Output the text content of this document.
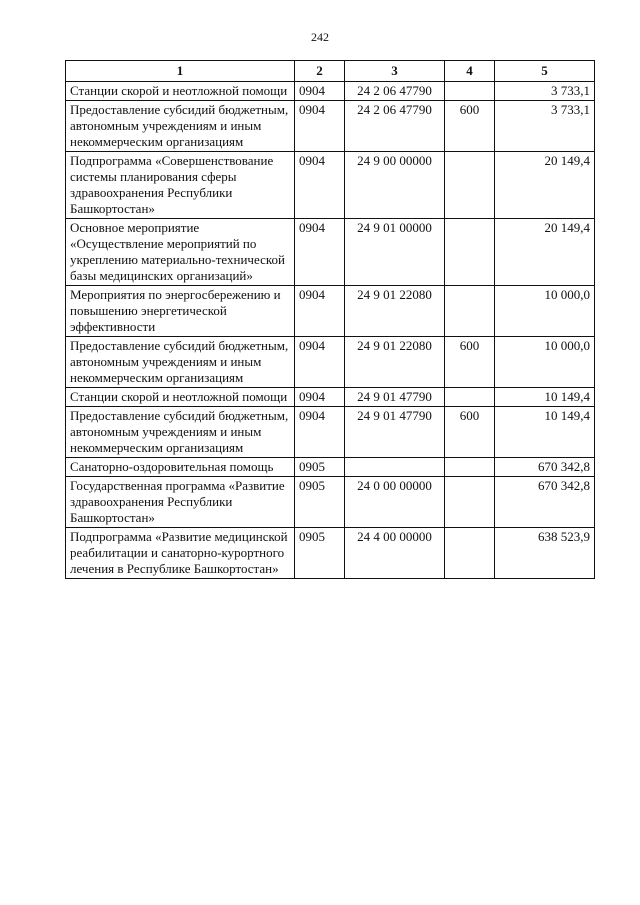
242
1	2	3	4	5
Станции скорой и неотложной помощи	0904	24 2 06 47790		3 733,1
Предоставление субсидий бюджетным, автономным учреждениям и иным некоммерческим организациям	0904	24 2 06 47790	600	3 733,1
Подпрограмма «Совершенствование системы планирования сферы здравоохранения Республики Башкортостан»	0904	24 9 00 00000		20 149,4
Основное мероприятие «Осуществление мероприятий по укреплению материально-технической базы медицинских организаций»	0904	24 9 01 00000		20 149,4
Мероприятия по энергосбережению и повышению энергетической эффективности	0904	24 9 01 22080		10 000,0
Предоставление субсидий бюджетным, автономным учреждениям и иным некоммерческим организациям	0904	24 9 01 22080	600	10 000,0
Станции скорой и неотложной помощи	0904	24 9 01 47790		10 149,4
Предоставление субсидий бюджетным, автономным учреждениям и иным некоммерческим организациям	0904	24 9 01 47790	600	10 149,4
Санаторно-оздоровительная помощь	0905			670 342,8
Государственная программа «Развитие здравоохранения Республики Башкортостан»	0905	24 0 00 00000		670 342,8
Подпрограмма «Развитие медицинской реабилитации и санаторно-курортного лечения в Республике Башкортостан»	0905	24 4 00 00000		638 523,9
